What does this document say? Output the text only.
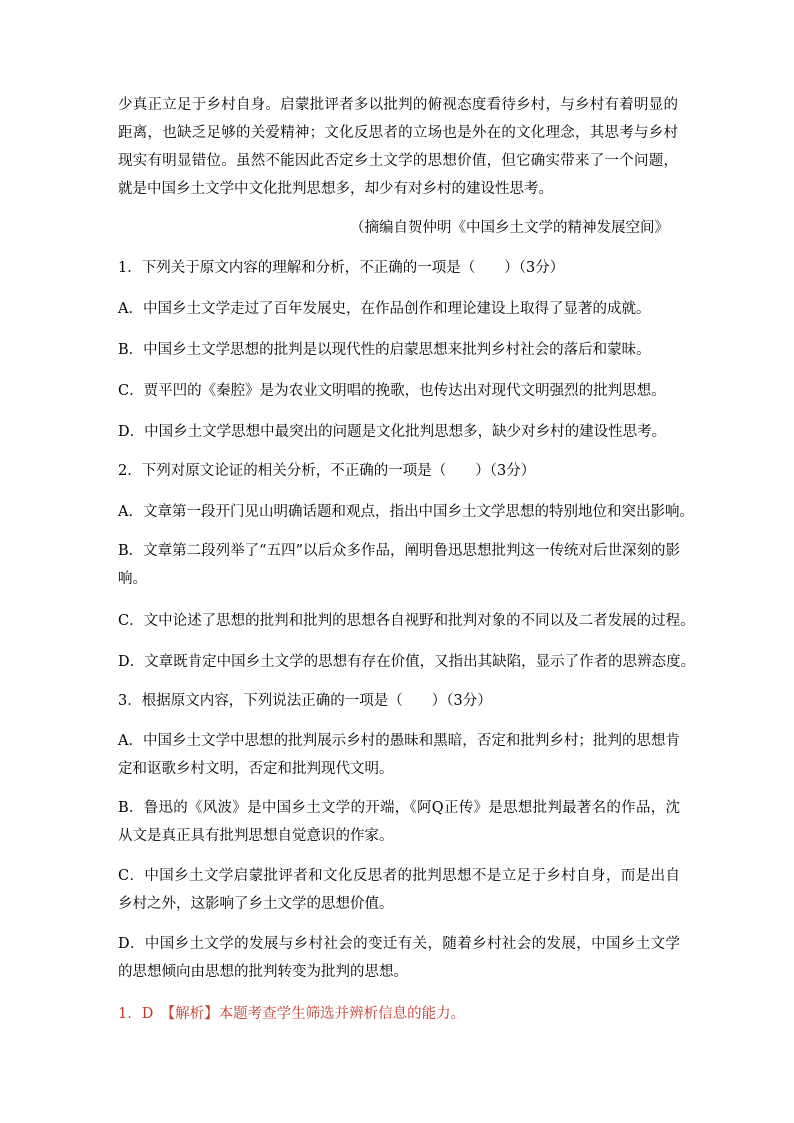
少真正立足于乡村自身。启蒙批评者多以批判的俯视态度看待乡村，与乡村有着明显的距离，也缺乏足够的关爱精神；文化反思者的立场也是外在的文化理念，其思考与乡村现实有明显错位。虽然不能因此否定乡土文学的思想价值，但它确实带来了一个问题，就是中国乡土文学中文化批判思想多，却少有对乡村的建设性思考。
（摘编自贺仲明《中国乡土文学的精神发展空间》
1．下列关于原文内容的理解和分析，不正确的一项是（　　）（3分）
A．中国乡土文学走过了百年发展史，在作品创作和理论建设上取得了显著的成就。
B．中国乡土文学思想的批判是以现代性的启蒙思想来批判乡村社会的落后和蒙昧。
C．贾平凹的《秦腔》是为农业文明唱的挽歌，也传达出对现代文明强烈的批判思想。
D．中国乡土文学思想中最突出的问题是文化批判思想多，缺少对乡村的建设性思考。
2．下列对原文论证的相关分析，不正确的一项是（　　）（3分）
A．文章第一段开门见山明确话题和观点，指出中国乡土文学思想的特别地位和突出影响。
B．文章第二段列举了“五四”以后众多作品，阐明鲁迅思想批判这一传统对后世深刻的影响。
C．文中论述了思想的批判和批判的思想各自视野和批判对象的不同以及二者发展的过程。
D．文章既肯定中国乡土文学的思想有存在价值，又指出其缺陷，显示了作者的思辨态度。
3．根据原文内容，下列说法正确的一项是（　　）（3分）
A．中国乡土文学中思想的批判展示乡村的愚昧和黑暗，否定和批判乡村；批判的思想肯定和讴歌乡村文明，否定和批判现代文明。
B．鲁迅的《风波》是中国乡土文学的开端，《阿Q正传》是思想批判最著名的作品，沈从文是真正具有批判思想自觉意识的作家。
C．中国乡土文学启蒙批评者和文化反思者的批判思想不是立足于乡村自身，而是出自乡村之外，这影响了乡土文学的思想价值。
D．中国乡土文学的发展与乡村社会的变迁有关，随着乡村社会的发展，中国乡土文学的思想倾向由思想的批判转变为批判的思想。
1．D　【解析】本题考查学生筛选并辨析信息的能力。
